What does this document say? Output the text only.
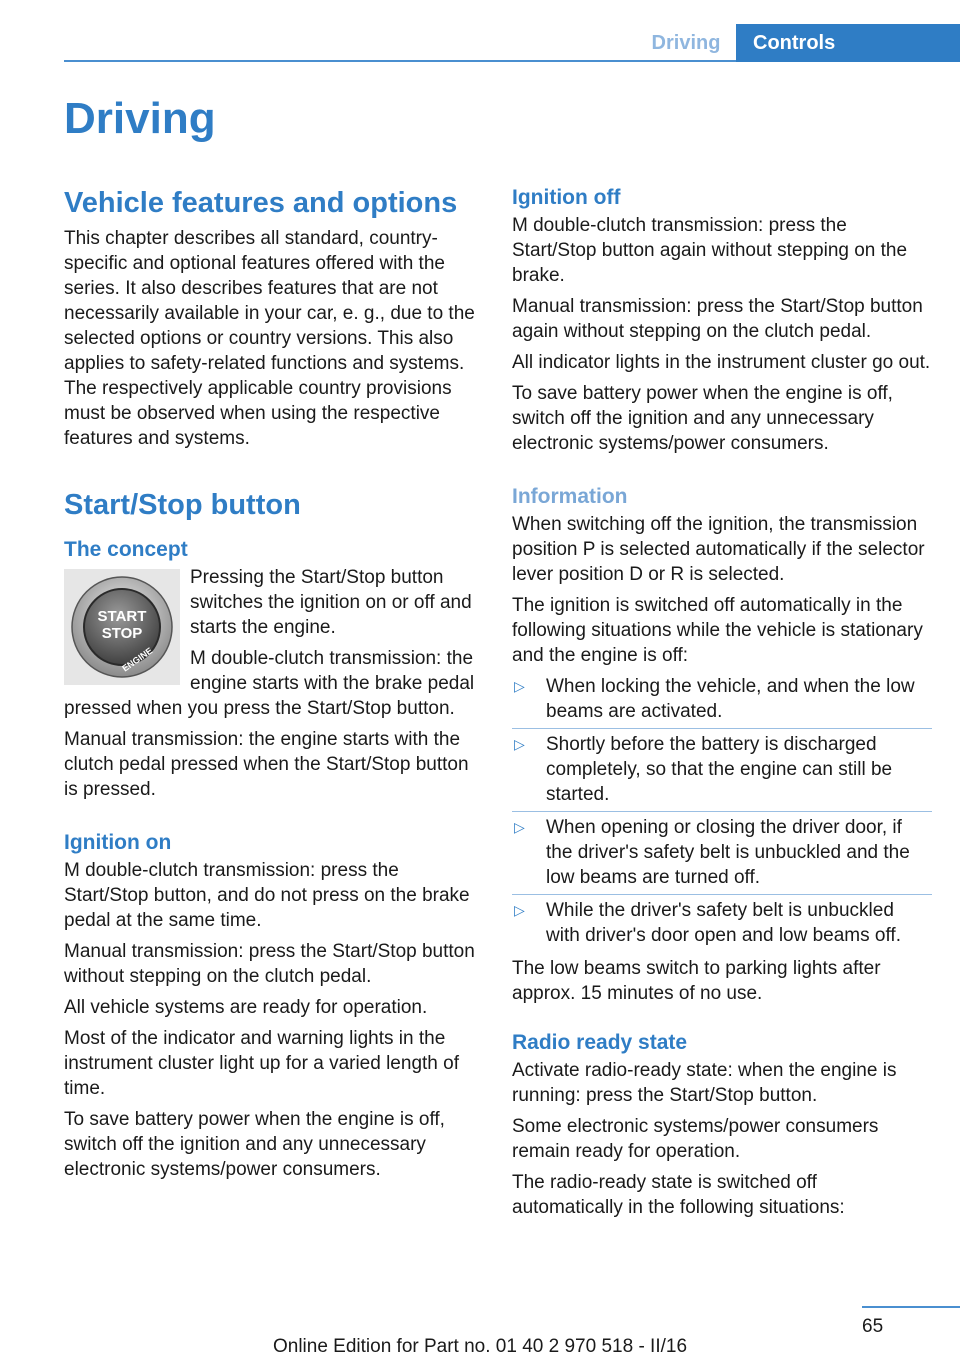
Driving	Controls
Driving
Vehicle features and options

This chapter describes all standard, country-specific and optional features offered with the series. It also describes features that are not necessarily available in your car, e. g., due to the selected options or country versions. This also applies to safety-related functions and systems. The respectively applicable country provisions must be observed when using the respective features and systems.

Start/Stop button
The concept
START
STOP
ENGINE

Pressing the Start/Stop button switches the ignition on or off and starts the engine.

M double-clutch transmission: the engine starts with the brake pedal pressed when you press the Start/Stop button.

Manual transmission: the engine starts with the clutch pedal pressed when the Start/Stop button is pressed.

Ignition on

M double-clutch transmission: press the Start/Stop button, and do not press on the brake pedal at the same time.

Manual transmission: press the Start/Stop button without stepping on the clutch pedal.

All vehicle systems are ready for operation.

Most of the indicator and warning lights in the instrument cluster light up for a varied length of time.

To save battery power when the engine is off, switch off the ignition and any unnecessary electronic systems/power consumers.

Ignition off

M double-clutch transmission: press the Start/Stop button again without stepping on the brake.

Manual transmission: press the Start/Stop button again without stepping on the clutch pedal.

All indicator lights in the instrument cluster go out.

To save battery power when the engine is off, switch off the ignition and any unnecessary electronic systems/power consumers.

Information

When switching off the ignition, the transmission position P is selected automatically if the selector lever position D or R is selected.

The ignition is switched off automatically in the following situations while the vehicle is stationary and the engine is off:

▷ When locking the vehicle, and when the low beams are activated.
▷ Shortly before the battery is discharged completely, so that the engine can still be started.
▷ When opening or closing the driver door, if the driver's safety belt is unbuckled and the low beams are turned off.
▷ While the driver's safety belt is unbuckled with driver's door open and low beams off.

The low beams switch to parking lights after approx. 15 minutes of no use.

Radio ready state

Activate radio-ready state: when the engine is running: press the Start/Stop button.

Some electronic systems/power consumers remain ready for operation.

The radio-ready state is switched off automatically in the following situations:

65
Online Edition for Part no. 01 40 2 970 518 - II/16
